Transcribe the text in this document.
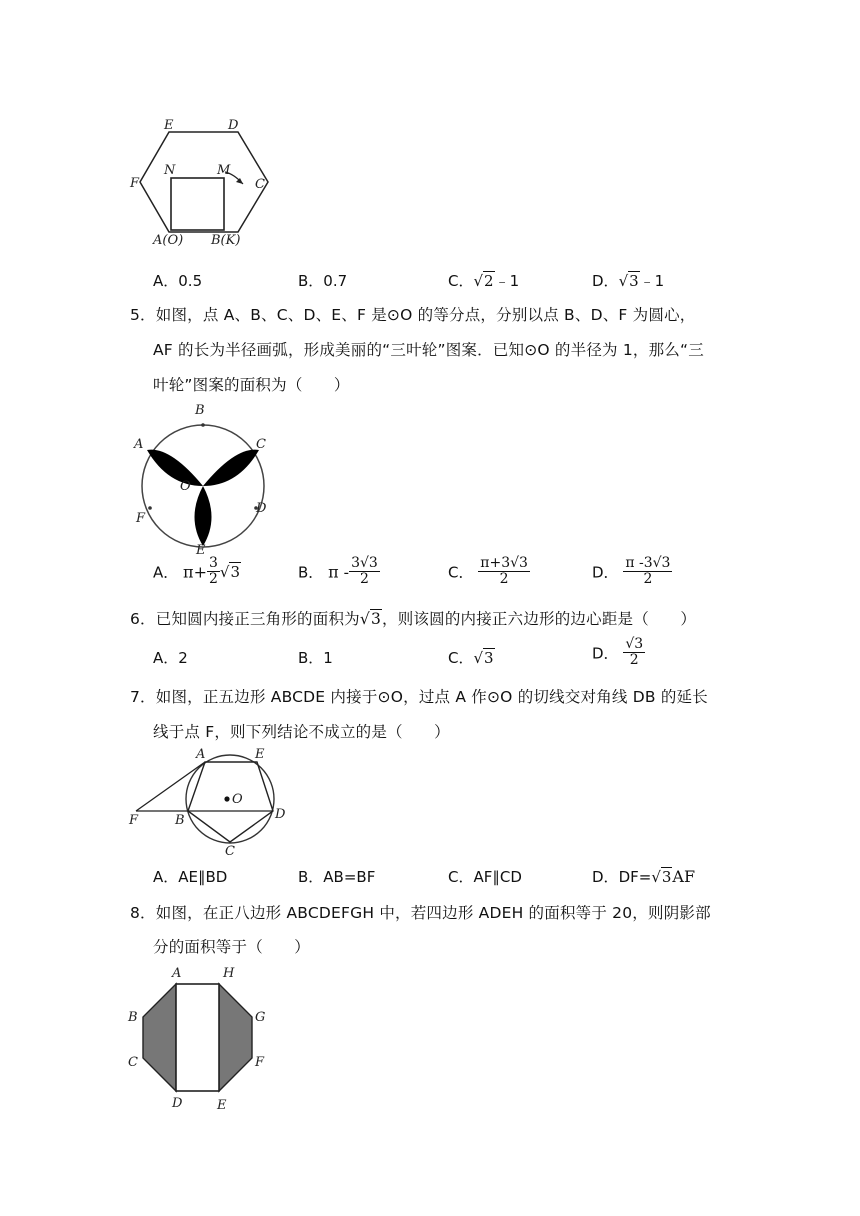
E	D
F	C
N	M
A(O) B(K)
A．0.5	B．0.7	C．√2﹣1	D．√3﹣1
5．如图，点 A、B、C、D、E、F 是⊙O 的等分点，分别以点 B、D、F 为圆心，
AF 的长为半径画弧，形成美丽的“三叶轮”图案．已知⊙O 的半径为 1，那么“三
叶轮”图案的面积为（　　）
B
A	C
O
D
F
E
A． $\pi+ \frac{3}{2} √3$	B． π - $\frac{3√3}{2}$	C． $\frac{\pi+3√3}{2}$	D． $\frac{\pi -3√3}{2}$
6．已知圆内接正三角形的面积为√3，则该圆的内接正六边形的边心距是（　　）
A．2	B．1	C．√3	D． $\frac{√3}{2}$
7．如图，正五边形 ABCDE 内接于⊙O，过点 A 作⊙O 的切线交对角线 DB 的延长
线于点 F，则下列结论不成立的是（　　）
A	E
O
F	B	D
C
A．AE∥BD	B．AB=BF	C．AF∥CD	D．DF=√3AF
8．如图，在正八边形 ABCDEFGH 中，若四边形 ADEH 的面积等于 20，则阴影部
分的面积等于（　　）
A	H
B	G
C	F
D	E
